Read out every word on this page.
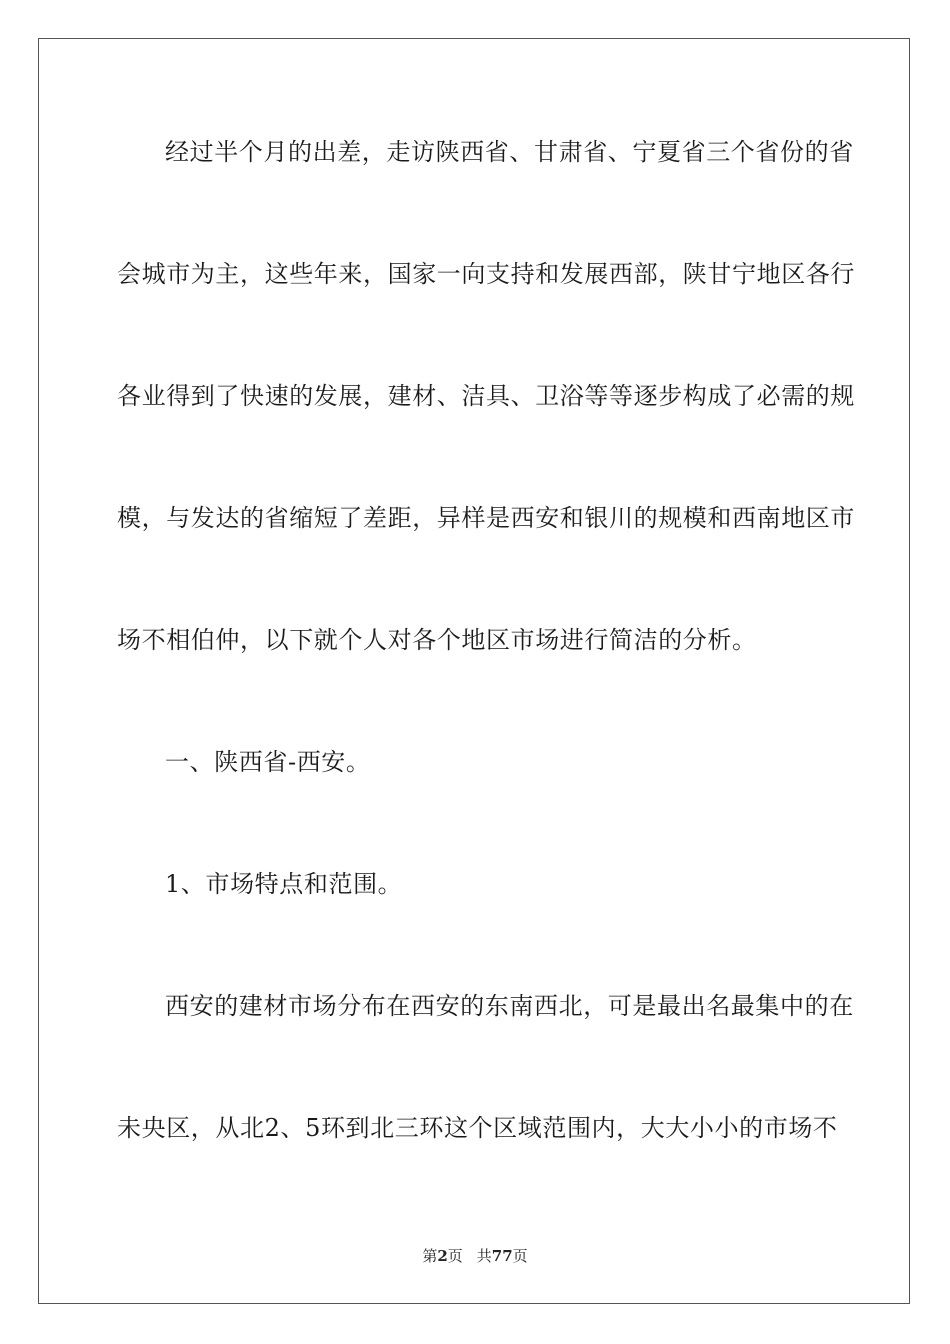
经过半个月的出差，走访陕西省、甘肃省、宁夏省三个省份的省
会城市为主，这些年来，国家一向支持和发展西部，陕甘宁地区各行
各业得到了快速的发展，建材、洁具、卫浴等等逐步构成了必需的规
模，与发达的省缩短了差距，异样是西安和银川的规模和西南地区市
场不相伯仲，以下就个人对各个地区市场进行简洁的分析。
一、陕西省-西安。
1、市场特点和范围。
西安的建材市场分布在西安的东南西北，可是最出名最集中的在
未央区，从北2、5环到北三环这个区域范围内，大大小小的市场不
第2页 共77页
